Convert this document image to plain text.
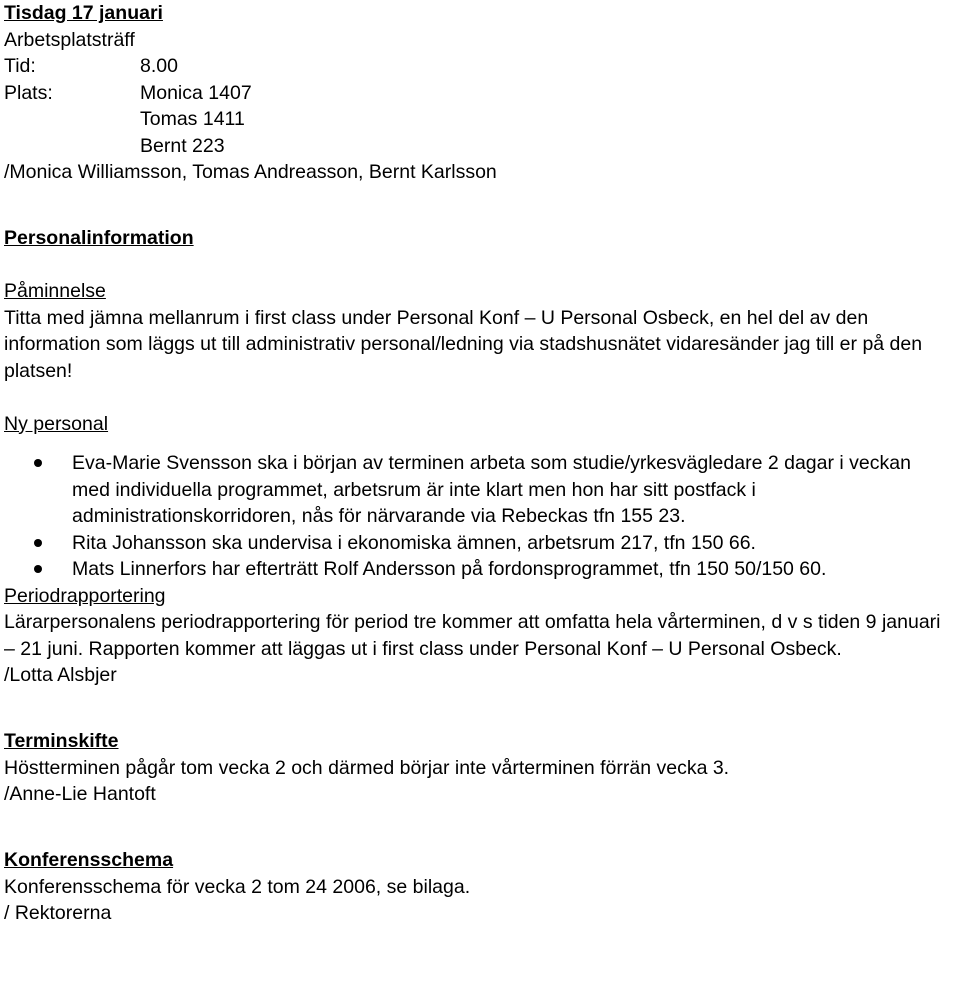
Tisdag 17 januari

Arbetsplatsträff

Tid:	8.00
Plats:	Monica 1407

Tomas 1411

Bernt 223

/Monica Williamsson, Tomas Andreasson, Bernt Karlsson

Personalinformation

Påminnelse

Titta med jämna mellanrum i first class under Personal Konf – U Personal Osbeck, en hel del av den information som läggs ut till administrativ personal/ledning via stadshusnätet vidaresänder jag till er på den platsen!

Ny personal

Eva-Marie Svensson ska i början av terminen arbeta som studie/yrkesvägledare 2 dagar i veckan med individuella programmet, arbetsrum är inte klart men hon har sitt postfack i administrationskorridoren, nås för närvarande via Rebeckas tfn 155 23.
Rita Johansson ska undervisa i ekonomiska ämnen, arbetsrum 217, tfn 150 66.
Mats Linnerfors har efterträtt Rolf Andersson på fordonsprogrammet, tfn 150 50/150 60.

Periodrapportering

Lärarpersonalens periodrapportering för period tre kommer att omfatta hela vårterminen, d v s tiden 9 januari – 21 juni. Rapporten kommer att läggas ut i first class under Personal Konf – U Personal Osbeck.

/Lotta Alsbjer

Terminskifte

Höstterminen pågår tom vecka 2 och därmed börjar inte vårterminen förrän vecka 3.

/Anne-Lie Hantoft

Konferensschema

Konferensschema för vecka 2 tom 24 2006, se bilaga.

/ Rektorerna
